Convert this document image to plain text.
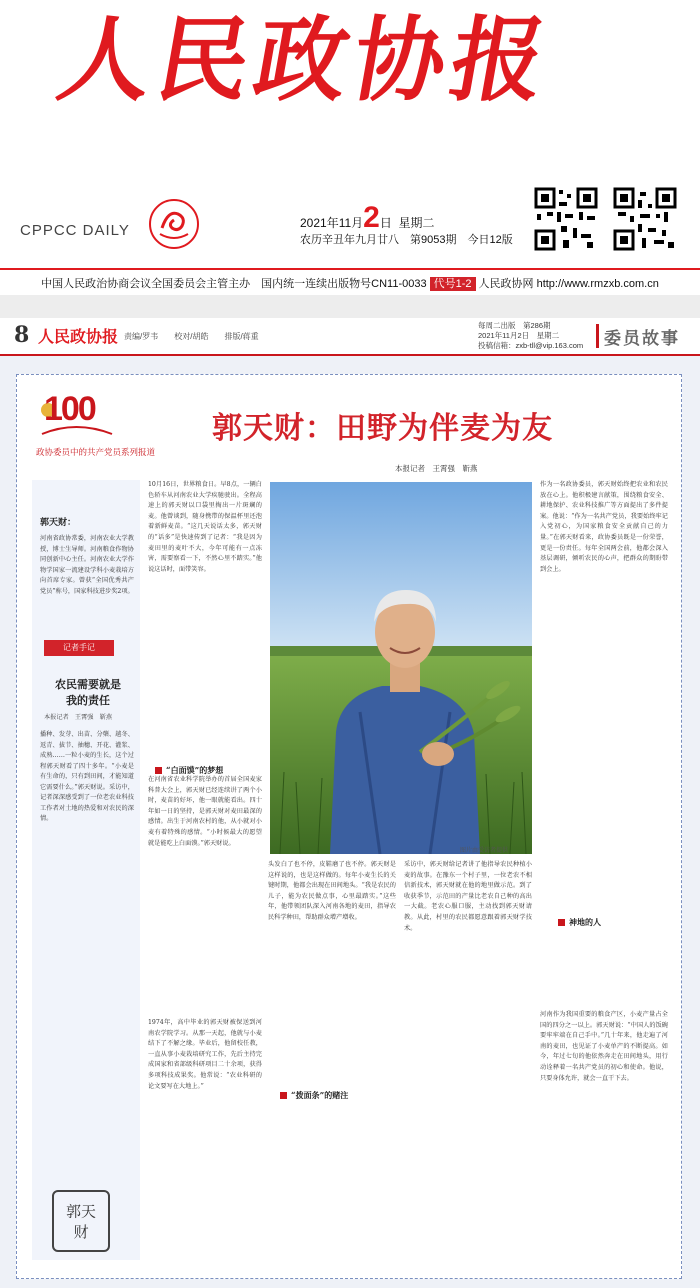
人民政协报
CPPCC DAILY	2021年11月2日 星期二
农历辛丑年九月廿八　第9053期　今日12版
中国人民政治协商会议全国委员会主管主办　 国内统一连续出版物号CN11-0033 代号1-2 人民政协网 http://www.rmzxb.com.cn
8 人民政协报 责编/罗韦　　校对/胡皓　　排版/蒋重
每周二出版　第286期
2021年11月2日　星期二
投稿信箱：zxb-tll@vip.163.com 委员故事
100
政协委员中的共产党员系列报道
郭天财：田野为伴麦为友
本报记者　王霄强　靳燕
郭天财：
河南省政协常委，河南农业大学教授，博士生导师。河南粮食作物协同创新中心主任。河南农业大学作物学国家一流建设学科小麦栽培方向首席专家。曾获“全国优秀共产党员”称号，国家科技进步奖2项。
记者手记
农民需要就是
我的责任
本报记者　王霄强　靳燕
播种、发芽、出苗、分蘖、越冬、返青、拔节、抽穗、开花、灌浆、成熟……一粒小麦的生长，这个过程郭天财看了四十多年。“小麦是有生命的，只有到田间，才能知道它需要什么。”郭天财说。采访中，记者深深感受到了一位老农业科技工作者对土地的热爱和对农民的深情。
郭天
财
图片由受访者提供
10月16日，世界粮食日。早8点，一辆白色轿车从河南农业大学疾驰驶出。全程高速上的郭天财以口袋里掏出一片斑斓的麦。他曾谈到，随身携带的保温杯里还泡着新鲜麦苗。“这几天说话太多，郭天财的“话多”是快速传到了记者：“我是因为麦田里的麦叶不大，今年可能有一点冻害，需要察看一下，不然心里不踏实。”他说这话时，面带笑容。
“白面馍”的梦想
在河南省农业科学院举办的首届全国麦家科普大会上，郭天财已经连续讲了两个小时，麦苗的好坏，他一眼就能看出。四十年如一日的坚持，是郭天财对麦田最深的感情。出生于河南农村的他，从小就对小麦有着特殊的感情。“小时候最大的愿望就是能吃上白面馍。”郭天财说。
1974年，高中毕业的郭天财被保送到河南农学院学习。从那一天起，他就与小麦结下了不解之缘。毕业后，他留校任教，一直从事小麦栽培研究工作，先后主持完成国家和省部级科研项目二十余项，获得多项科技成果奖。他常说：“农业科研的论文要写在大地上。”
头发白了也不停，皮鞋磨了也不停。郭天财是这样说的，也是这样做的。每年小麦生长的关键时期，他都会出现在田间地头。“我是农民的儿子，能为农民做点事，心里最踏实。”这些年，他带领团队深入河南各地的麦田，指导农民科学种田，帮助群众增产增收。
“拨面条”的赌注
采访中，郭天财给记者讲了他指导农民种植小麦的故事。在豫东一个村子里，一位老农不相信新技术，郭天财就在他的地里做示范。到了收获季节，示范田的产量比老农自己种的高出一大截。老农心服口服，主动找到郭天财请教。从此，村里的农民都愿意跟着郭天财学技术。
作为一名政协委员，郭天财始终把农业和农民放在心上。他积极建言献策，围绕粮食安全、耕地保护、农业科技推广等方面提出了多件提案。他说：“作为一名共产党员，我要始终牢记入党初心，为国家粮食安全贡献自己的力量。”在郭天财看来，政协委员既是一份荣誉，更是一份责任。每年全国两会前，他都会深入基层调研，倾听农民的心声，把群众的期盼带到会上。
神地的人
河南作为我国重要的粮食产区，小麦产量占全国的四分之一以上。郭天财说：“中国人的饭碗要牢牢端在自己手中。”几十年来，他走遍了河南的麦田，也见证了小麦单产的不断提高。如今，年过七旬的他依然奔走在田间地头，用行动诠释着一名共产党员的初心和使命。他说，只要身体允许，就会一直干下去。
